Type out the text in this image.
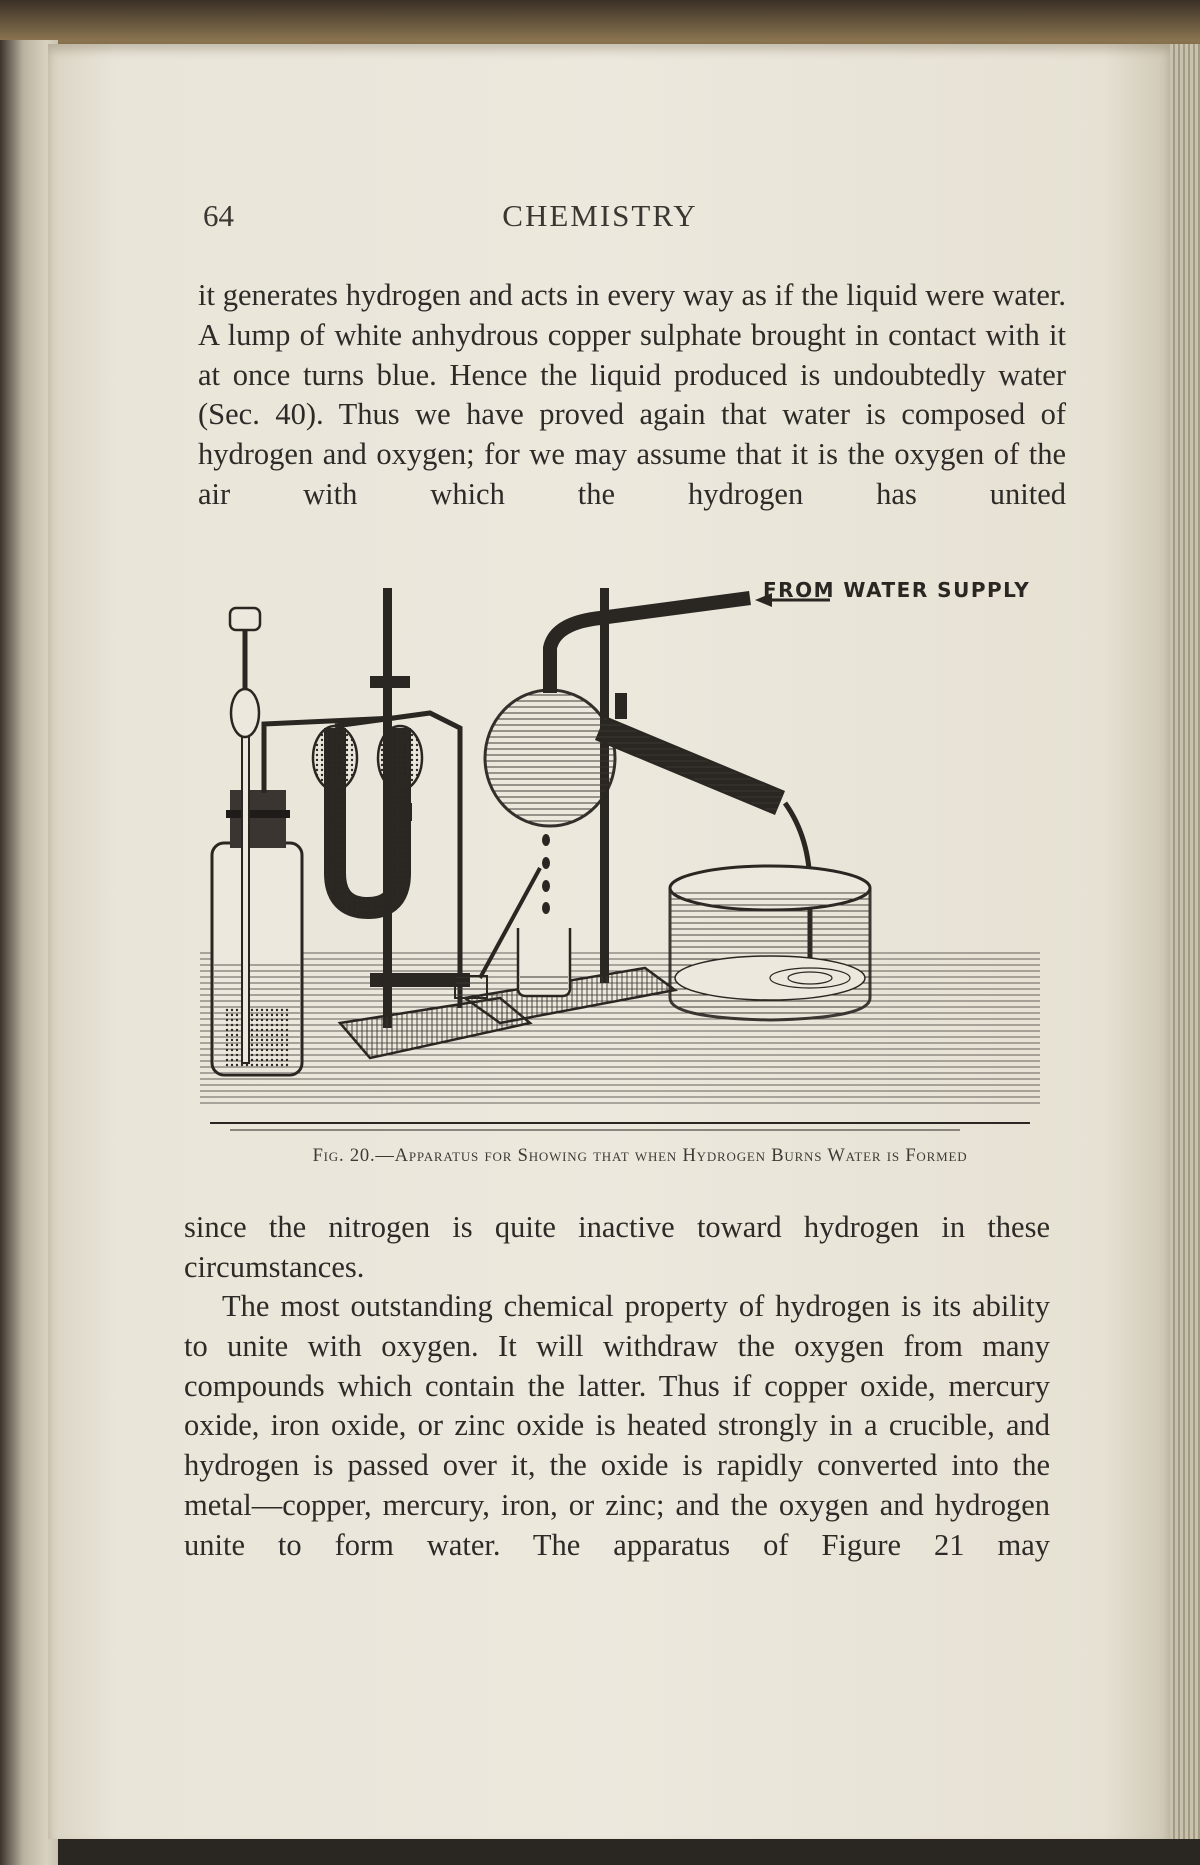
64	CHEMISTRY

it generates hydrogen and acts in every way as if the liquid were water. A lump of white anhydrous copper sulphate brought in contact with it at once turns blue. Hence the liquid produced is undoubtedly water (Sec. 40). Thus we have proved again that water is composed of hydrogen and oxygen; for we may assume that it is the oxygen of the air with which the hydrogen has united

FROM WATER SUPPLY
Fig. 20.—Apparatus for Showing that when Hydrogen Burns Water is Formed

since the nitrogen is quite inactive toward hydrogen in these circumstances.

The most outstanding chemical property of hydrogen is its ability to unite with oxygen. It will withdraw the oxygen from many compounds which contain the latter. Thus if copper oxide, mercury oxide, iron oxide, or zinc oxide is heated strongly in a crucible, and hydrogen is passed over it, the oxide is rapidly converted into the metal—copper, mercury, iron, or zinc; and the oxygen and hydrogen unite to form water. The apparatus of Figure 21 may
